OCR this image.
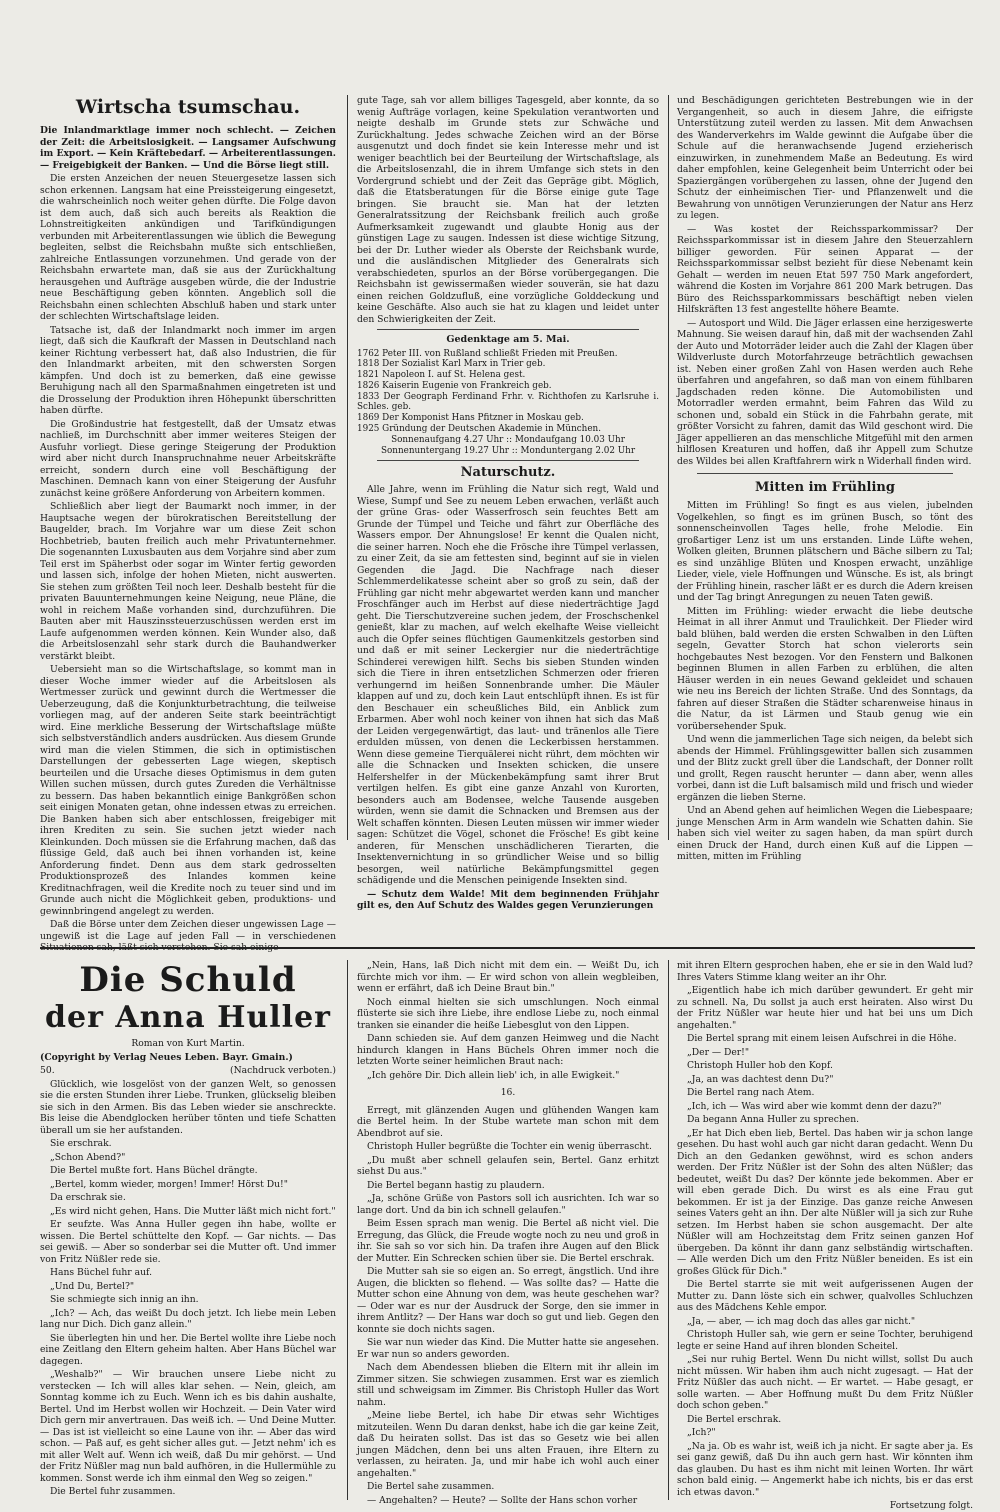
Wirtscha tsumschau.

Die Inlandmarktlage immer noch schlecht. — Zeichen der Zeit: die Arbeitslosigkeit. — Langsamer Aufschwung im Export. — Kein Kräftebedarf. — Arbeiterentlassungen. — Freigebigkeit der Banken. — Und die Börse liegt still.

Die ersten Anzeichen der neuen Steuergesetze lassen sich schon erkennen. Langsam hat eine Preissteigerung eingesetzt, die wahrscheinlich noch weiter gehen dürfte. Die Folge davon ist dem auch, daß sich auch bereits als Reaktion die Lohnstreitigkeiten ankündigen und Tarifkündigungen verbunden mit Arbeiterentlassungen wie üblich die Bewegung begleiten, selbst die Reichsbahn mußte sich entschließen, zahlreiche Entlassungen vorzunehmen. Und gerade von der Reichsbahn erwartete man, daß sie aus der Zurückhaltung herausgehen und Aufträge ausgeben würde, die der Industrie neue Beschäftigung geben könnten. Angeblich soll die Reichsbahn einen schlechten Abschluß haben und stark unter der schlechten Wirtschaftslage leiden.

Tatsache ist, daß der Inlandmarkt noch immer im argen liegt, daß sich die Kaufkraft der Massen in Deutschland nach keiner Richtung verbessert hat, daß also Industrien, die für den Inlandmarkt arbeiten, mit den schwersten Sorgen kämpfen. Und doch ist zu bemerken, daß eine gewisse Beruhigung nach all den Sparmaßnahmen eingetreten ist und die Drosselung der Produktion ihren Höhepunkt überschritten haben dürfte.

Die Großindustrie hat festgestellt, daß der Umsatz etwas nachließ, im Durchschnitt aber immer weiteres Steigen der Ausfuhr vorliegt. Diese geringe Steigerung der Produktion wird aber nicht durch Inanspruchnahme neuer Arbeitskräfte erreicht, sondern durch eine voll Beschäftigung der Maschinen. Demnach kann von einer Steigerung der Ausfuhr zunächst keine größere Anforderung von Arbeitern kommen.

Schließlich aber liegt der Baumarkt noch immer, in der Hauptsache wegen der bürokratischen Bereitstellung der Baugelder, brach. Im Vorjahre war um diese Zeit schon Hochbetrieb, bauten freilich auch mehr Privatunternehmer. Die sogenannten Luxusbauten aus dem Vorjahre sind aber zum Teil erst im Späherbst oder sogar im Winter fertig geworden und lassen sich, infolge der hohen Mieten, nicht auswerten. Sie stehen zum größten Teil noch leer. Deshalb besteht für die privaten Bauunternehmungen keine Neigung, neue Pläne, die wohl in reichem Maße vorhanden sind, durchzuführen. Die Bauten aber mit Hauszinssteuerzuschüssen werden erst im Laufe aufgenommen werden können. Kein Wunder also, daß die Arbeitslosenzahl sehr stark durch die Bauhandwerker verstärkt bleibt.

Uebersieht man so die Wirtschaftslage, so kommt man in dieser Woche immer wieder auf die Arbeitslosen als Wertmesser zurück und gewinnt durch die Wertmesser die Ueberzeugung, daß die Konjunkturbetrachtung, die teilweise vorliegen mag, auf der anderen Seite stark beeinträchtigt wird. Eine merkliche Besserung der Wirtschaftslage müßte sich selbstverständlich anders ausdrücken. Aus diesem Grunde wird man die vielen Stimmen, die sich in optimistischen Darstellungen der gebesserten Lage wiegen, skeptisch beurteilen und die Ursache dieses Optimismus in dem guten Willen suchen müssen, durch gutes Zureden die Verhältnisse zu bessern. Das haben bekanntlich einige Bankgrößen schon seit einigen Monaten getan, ohne indessen etwas zu erreichen. Die Banken haben sich aber entschlossen, freigebiger mit ihren Krediten zu sein. Sie suchen jetzt wieder nach Kleinkunden. Doch müssen sie die Erfahrung machen, daß das flüssige Geld, daß auch bei ihnen vorhanden ist, keine Anforderung findet. Denn aus dem stark gedrosselten Produktionsprozeß des Inlandes kommen keine Kreditnachfragen, weil die Kredite noch zu teuer sind und im Grunde auch nicht die Möglichkeit geben, produktions- und gewinnbringend angelegt zu werden.

Daß die Börse unter dem Zeichen dieser ungewissen Lage — ungewiß ist die Lage auf jeden Fall — in verschiedenen

gute Tage, sah vor allem billiges Tagesgeld, aber konnte, da so wenig Aufträge vorlagen, keine Spekulation verantworten und neigte deshalb im Grunde stets zur Schwäche und Zurückhaltung. Jedes schwache Zeichen wird an der Börse ausgenutzt und doch findet sie kein Interesse mehr und ist weniger beachtlich bei der Beurteilung der Wirtschaftslage, als die Arbeitslosenzahl, die in ihrem Umfange sich stets in den Vordergrund schiebt und der Zeit das Gepräge gibt. Möglich, daß die Etatsberatungen für die Börse einige gute Tage bringen. Sie braucht sie. Man hat der letzten Generalratssitzung der Reichsbank freilich auch große Aufmerksamkeit zugewandt und glaubte Honig aus der günstigen Lage zu saugen. Indessen ist diese wichtige Sitzung, bei der Dr. Luther wieder als Oberste der Reichsbank wurde, und die ausländischen Mitglieder des Generalrats sich verabschiedeten, spurlos an der Börse vorübergegangen. Die Reichsbahn ist gewissermaßen wieder souverän, sie hat dazu einen reichen Goldzufluß, eine vorzügliche Golddeckung und keine Geschäfte. Also auch sie hat zu klagen und leidet unter den Schwierigkeiten der Zeit.

Gedenktage am 5. Mai.

1762 Peter III. von Rußland schließt Frieden mit Preußen.

1818 Der Sozialist Karl Marx in Trier geb.

1821 Napoleon I. auf St. Helena gest.

1826 Kaiserin Eugenie von Frankreich geb.

1833 Der Geograph Ferdinand Frhr. v. Richthofen zu Karlsruhe i. Schles. geb.

1869 Der Komponist Hans Pfitzner in Moskau geb.

1925 Gründung der Deutschen Akademie in München.

Sonnenaufgang 4.27 Uhr :: Mondaufgang 10.03 Uhr

Sonnenuntergang 19.27 Uhr :: Monduntergang 2.02 Uhr

Naturschutz.

Alle Jahre, wenn im Frühling die Natur sich regt, Wald und Wiese, Sumpf und See zu neuem Leben erwachen, verläßt auch der grüne Gras- oder Wasserfrosch sein feuchtes Bett am Grunde der Tümpel und Teiche und fährt zur Oberfläche des Wassers empor. Der Ahnungslose! Er kennt die Qualen nicht, die seiner harren. Noch ehe die Frösche ihre Tümpel verlassen, zu einer Zeit, da sie am fettesten sind, beginnt auf sie in vielen Gegenden die Jagd. Die Nachfrage nach dieser Schlemmerdelikatesse scheint aber so groß zu sein, daß der Frühling gar nicht mehr abgewartet werden kann und mancher Froschfänger auch im Herbst auf diese niederträchtige Jagd geht. Die Tierschutzvereine suchen jedem, der Froschschenkel genießt, klar zu machen, auf welch ekelhafte Weise vielleicht auch die Opfer seines flüchtigen Gaumenkitzels gestorben sind und daß er mit seiner Leckergier nur die niederträchtige Schinderei verewigen hilft. Sechs bis sieben Stunden winden sich die Tiere in ihren entsetzlichen Schmerzen oder frieren verhungernd im heißen Sonnenbrande umher. Die Mäuler klappen auf und zu, doch kein Laut entschlüpft ihnen. Es ist für den Beschauer ein scheußliches Bild, ein Anblick zum Erbarmen. Aber wohl noch keiner von ihnen hat sich das Maß der Leiden vergegenwärtigt, das laut- und tränenlos alle Tiere erdulden müssen, von denen die Leckerbissen herstammen. Wenn diese gemeine Tierquälerei nicht rührt, dem möchten wir alle die Schnacken und Insekten schicken, die unsere Helfershelfer in der Mückenbekämpfung samt ihrer Brut vertilgen helfen. Es gibt eine ganze Anzahl von Kurorten, besonders auch am Bodensee, welche Tausende ausgeben würden, wenn sie damit die Schnacken und Bremsen aus der Welt schaffen könnten. Diesen Leuten müssen wir immer wieder sagen: Schützet die Vögel, schonet die Frösche! Es gibt keine anderen, für Menschen unschädlicheren Tierarten, die Insektenvernichtung in so gründlicher Weise und so billig besorgen, weil natürliche Bekämpfungsmittel gegen schädigende und die Menschen peinigende Insekten sind.

— Schutz dem Walde! Mit dem beginnenden Frühjahr gilt es, den Auf Schutz des Waldes gegen Verunzierungen

und Beschädigungen gerichteten Bestrebungen wie in der Vergangenheit, so auch in diesem Jahre, die eifrigste Unterstützung zuteil werden zu lassen. Mit dem Anwachsen des Wanderverkehrs im Walde gewinnt die Aufgabe über die Schule auf die heranwachsende Jugend erzieherisch einzuwirken, in zunehmendem Maße an Bedeutung. Es wird daher empfohlen, keine Gelegenheit beim Unterricht oder bei Spaziergängen vorübergehen zu lassen, ohne der Jugend den Schutz der einheimischen Tier- und Pflanzenwelt und die Bewahrung von unnötigen Verunzierungen der Natur ans Herz zu legen.

— Was kostet der Reichssparkommissar? Der Reichssparkommissar ist in diesem Jahre den Steuerzahlern billiger geworden. Für seinen Apparat — der Reichssparkommissar selbst bezieht für diese Nebenamt kein Gehalt — werden im neuen Etat 597 750 Mark angefordert, während die Kosten im Vorjahre 861 200 Mark betrugen. Das Büro des Reichssparkommissars beschäftigt neben vielen Hilfskräften 13 fest angestellte höhere Beamte.

— Autosport und Wild. Die Jäger erlassen eine herzigeswerte Mahnung. Sie weisen darauf hin, daß mit der wachsenden Zahl der Auto und Motorräder leider auch die Zahl der Klagen über Wildverluste durch Motorfahrzeuge beträchtlich gewachsen ist. Neben einer großen Zahl von Hasen werden auch Rehe überfahren und angefahren, so daß man von einem fühlbaren Jagdschaden reden könne. Die Automobilisten und Motorradler werden ermahnt, beim Fahren das Wild zu schonen und, sobald ein Stück in die Fahrbahn gerate, mit größter Vorsicht zu fahren, damit das Wild geschont wird. Die Jäger appellieren an das menschliche Mitgefühl mit den armen hilflosen Kreaturen und hoffen, daß ihr Appell zum Schutze des Wildes bei allen Kraftfahrern wirk n Widerhall finden wird.

Mitten im Frühling

Mitten im Frühling! So fingt es aus vielen, jubelnden Vogelkehlen, so fingt es im grünen Busch, so tönt des sonnenscheinvollen Tages helle, frohe Melodie. Ein großartiger Lenz ist um uns erstanden. Linde Lüfte wehen, Wolken gleiten, Brunnen plätschern und Bäche silbern zu Tal; es sind unzählige Blüten und Knospen erwacht, unzählige Lieder, viele, viele Hoffnungen und Wünsche. Es ist, als bringt der Frühling hinein, rascher läßt er es durch die Adern kreisen und der Tag bringt Anregungen zu neuen Taten gewiß.

Mitten im Frühling: wieder erwacht die liebe deutsche Heimat in all ihrer Anmut und Traulichkeit. Der Flieder wird bald blühen, bald werden die ersten Schwalben in den Lüften segeln, Gevatter Storch hat schon vielerorts sein hochgebautes Nest bezogen. Vor den Fenstern und Balkonen beginnen Blumen in allen Farben zu erblühen, die alten Häuser werden in ein neues Gewand gekleidet und schauen wie neu ins Bereich der lichten Straße. Und des Sonntags, da fahren auf dieser Straßen die Städter scharenweise hinaus in die Natur, da ist Lärmen und Staub genug wie ein vorübersehender Spuk.

Und wenn die jammerlichen Tage sich neigen, da belebt sich abends der Himmel. Frühlingsgewitter ballen sich zusammen und der Blitz zuckt grell über die Landschaft, der Donner rollt und grollt, Regen rauscht herunter — dann aber, wenn alles vorbei, dann ist die Luft balsamisch mild und frisch und wieder ergänzen die lieben Sterne.

Und an Abend gehen auf heimlichen Wegen die Liebespaare; junge Menschen Arm in Arm wandeln wie Schatten dahin. Sie haben sich viel weiter zu sagen haben, da man spürt durch einen Druck der Hand, durch einen Kuß auf die Lippen — mitten, mitten im Frühling

Die Schuld
der Anna Huller

Roman von Kurt Martin.

(Copyright by Verlag Neues Leben. Bayr. Gmain.)

50.	(Nachdruck verboten.)

Glücklich, wie losgelöst von der ganzen Welt, so genossen sie die ersten Stunden ihrer Liebe. Trunken, glückselig bleiben sie sich in den Armen. Bis das Leben wieder sie anschreckte. Bis leise die Abendglocken herüber tönten und tiefe Schatten überall um sie her aufstanden.

Sie erschrak.

„Schon Abend?"

Die Bertel mußte fort. Hans Büchel drängte.

„Bertel, komm wieder, morgen! Immer! Hörst Du!"

Da erschrak sie.

„Es wird nicht gehen, Hans. Die Mutter läßt mich nicht fort."

Er seufzte. Was Anna Huller gegen ihn habe, wollte er wissen. Die Bertel schüttelte den Kopf. — Gar nichts. — Das sei gewiß. — Aber so sonderbar sei die Mutter oft. Und immer von Fritz Nüßler rede sie.

Hans Büchel fuhr auf.

„Und Du, Bertel?"

Sie schmiegte sich innig an ihn.

„Ich? — Ach, das weißt Du doch jetzt. Ich liebe mein Leben lang nur Dich. Dich ganz allein."

Sie überlegten hin und her. Die Bertel wollte ihre Liebe noch eine Zeitlang den Eltern geheim halten. Aber Hans Büchel war dagegen.

„Weshalb?" — Wir brauchen unsere Liebe nicht zu verstecken — Ich will alles klar sehen. — Nein, gleich, am Sonntag komme ich zu Euch. Wenn ich es bis dahin aushalte, Bertel. Und im Herbst wollen wir Hochzeit. — Dein Vater wird Dich gern mir anvertrauen. Das weiß ich. — Und Deine Mutter. — Das ist ist vielleicht so eine Laune von ihr. — Aber das wird schon. — Paß auf, es geht sicher alles gut. — Jetzt nehm' ich es mit aller Welt auf. Wenn ich weiß, daß Du mir gehörst. — Und der Fritz Nüßler mag nun bald aufhören, in die Hullermühle zu kommen. Sonst werde ich ihm einmal den Weg so zeigen."

Die Bertel fuhr zusammen.

„Nein, Hans, laß Dich nicht mit dem ein. — Weißt Du, ich fürchte mich vor ihm. — Er wird schon von allein wegbleiben, wenn er erfährt, daß ich Deine Braut bin."

Noch einmal hielten sie sich umschlungen. Noch einmal flüsterte sie sich ihre Liebe, ihre endlose Liebe zu, noch einmal tranken sie einander die heiße Liebesglut von den Lippen.

Dann schieden sie. Auf dem ganzen Heimweg und die Nacht hindurch klangen in Hans Büchels Ohren immer noch die letzten Worte seiner heimlichen Braut nach:

„Ich gehöre Dir. Dich allein lieb' ich, in alle Ewigkeit."

16.

Erregt, mit glänzenden Augen und glühenden Wangen kam die Bertel heim. In der Stube wartete man schon mit dem Abendbrot auf sie.

Christoph Huller begrüßte die Tochter ein wenig überrascht.

„Du mußt aber schnell gelaufen sein, Bertel. Ganz erhitzt siehst Du aus."

Die Bertel begann hastig zu plaudern.

„Ja, schöne Grüße von Pastors soll ich ausrichten. Ich war so lange dort. Und da bin ich schnell gelaufen."

Beim Essen sprach man wenig. Die Bertel aß nicht viel. Die Erregung, das Glück, die Freude wogte noch zu neu und groß in ihr. Sie sah so vor sich hin. Da trafen ihre Augen auf den Blick der Mutter. Ein Schrecken schien über sie. Die Bertel erschrak.

Die Mutter sah sie so eigen an. So erregt, ängstlich. Und ihre Augen, die blickten so flehend. — Was sollte das? — Hatte die Mutter schon eine Ahnung von dem, was heute geschehen war? — Oder war es nur der Ausdruck der Sorge, den sie immer in ihrem Antlitz? — Der Hans war doch so gut und lieb. Gegen den konnte sie doch nichts sagen.

Sie war nun wieder das Kind. Die Mutter hatte sie angesehen. Er war nun so anders geworden.

Nach dem Abendessen blieben die Eltern mit ihr allein im Zimmer sitzen. Sie schwiegen zusammen. Erst war es ziemlich still und schweigsam im Zimmer. Bis Christoph Huller das Wort nahm.

„Meine liebe Bertel, ich habe Dir etwas sehr Wichtiges mitzuteilen. Wenn Du daran denkst, habe ich die gar keine Zeit, daß Du heiraten sollst. Das ist das so Gesetz wie bei allen jungen Mädchen, denn bei uns alten Frauen, ihre Eltern zu verlassen, zu heiraten. Ja, und mir habe ich wohl auch einer angehalten."

Die Bertel sahe zusammen.

— Angehalten? — Heute? — Sollte der Hans schon vorher

mit ihren Eltern gesprochen haben, ehe er sie in den Wald lud? Ihres Vaters Stimme klang weiter an ihr Ohr.

„Eigentlich habe ich mich darüber gewundert. Er geht mir zu schnell. Na, Du sollst ja auch erst heiraten. Also wirst Du der Fritz Nüßler war heute hier und hat bei uns um Dich angehalten."

Die Bertel sprang mit einem leisen Aufschrei in die Höhe.

„Der — Der!"

Christoph Huller hob den Kopf.

„Ja, an was dachtest denn Du?"

Die Bertel rang nach Atem.

„Ich, ich — Was wird aber wie kommt denn der dazu?"

Da begann Anna Huller zu sprechen.

„Er hat Dich eben lieb, Bertel. Das haben wir ja schon lange gesehen. Du hast wohl auch gar nicht daran gedacht. Wenn Du Dich an den Gedanken gewöhnst, wird es schon anders werden. Der Fritz Nüßler ist der Sohn des alten Nüßler; das bedeutet, weißt Du das? Der könnte jede bekommen. Aber er will eben gerade Dich. Du wirst es als eine Frau gut bekommen. Er ist ja der Einzige. Das ganze reiche Anwesen seines Vaters geht an ihn. Der alte Nüßler will ja sich zur Ruhe setzen. Im Herbst haben sie schon ausgemacht. Der alte Nüßler will am Hochzeitstag dem Fritz seinen ganzen Hof übergeben. Da könnt ihr dann ganz selbständig wirtschaften. — Alle werden Dich um den Fritz Nüßler beneiden. Es ist ein großes Glück für Dich."

Die Bertel starrte sie mit weit aufgerissenen Augen der Mutter zu. Dann löste sich ein schwer, qualvolles Schluchzen aus des Mädchens Kehle empor.

„Ja, — aber, — ich mag doch das alles gar nicht."

Christoph Huller sah, wie gern er seine Tochter, beruhigend legte er seine Hand auf ihren blonden Scheitel.

„Sei nur ruhig Bertel. Wenn Du nicht willst, sollst Du auch nicht müssen. Wir haben ihm auch nicht zugesagt. — Hat der Fritz Nüßler das auch nicht. — Er wartet. — Habe gesagt, er solle warten. — Aber Hoffnung mußt Du dem Fritz Nüßler doch schon geben."

Die Bertel erschrak.

„Ich?"

„Na ja. Ob es wahr ist, weiß ich ja nicht. Er sagte aber ja. Es sei ganz gewiß, daß Du ihn auch gern hast. Wir könnten ihm das glauben. Du hast es ihm nicht mit leinen Worten. Ihr wärt schon bald einig. — Angemerkt habe ich nichts, bis er das erst ich etwas davon."

Fortsetzung folgt.
